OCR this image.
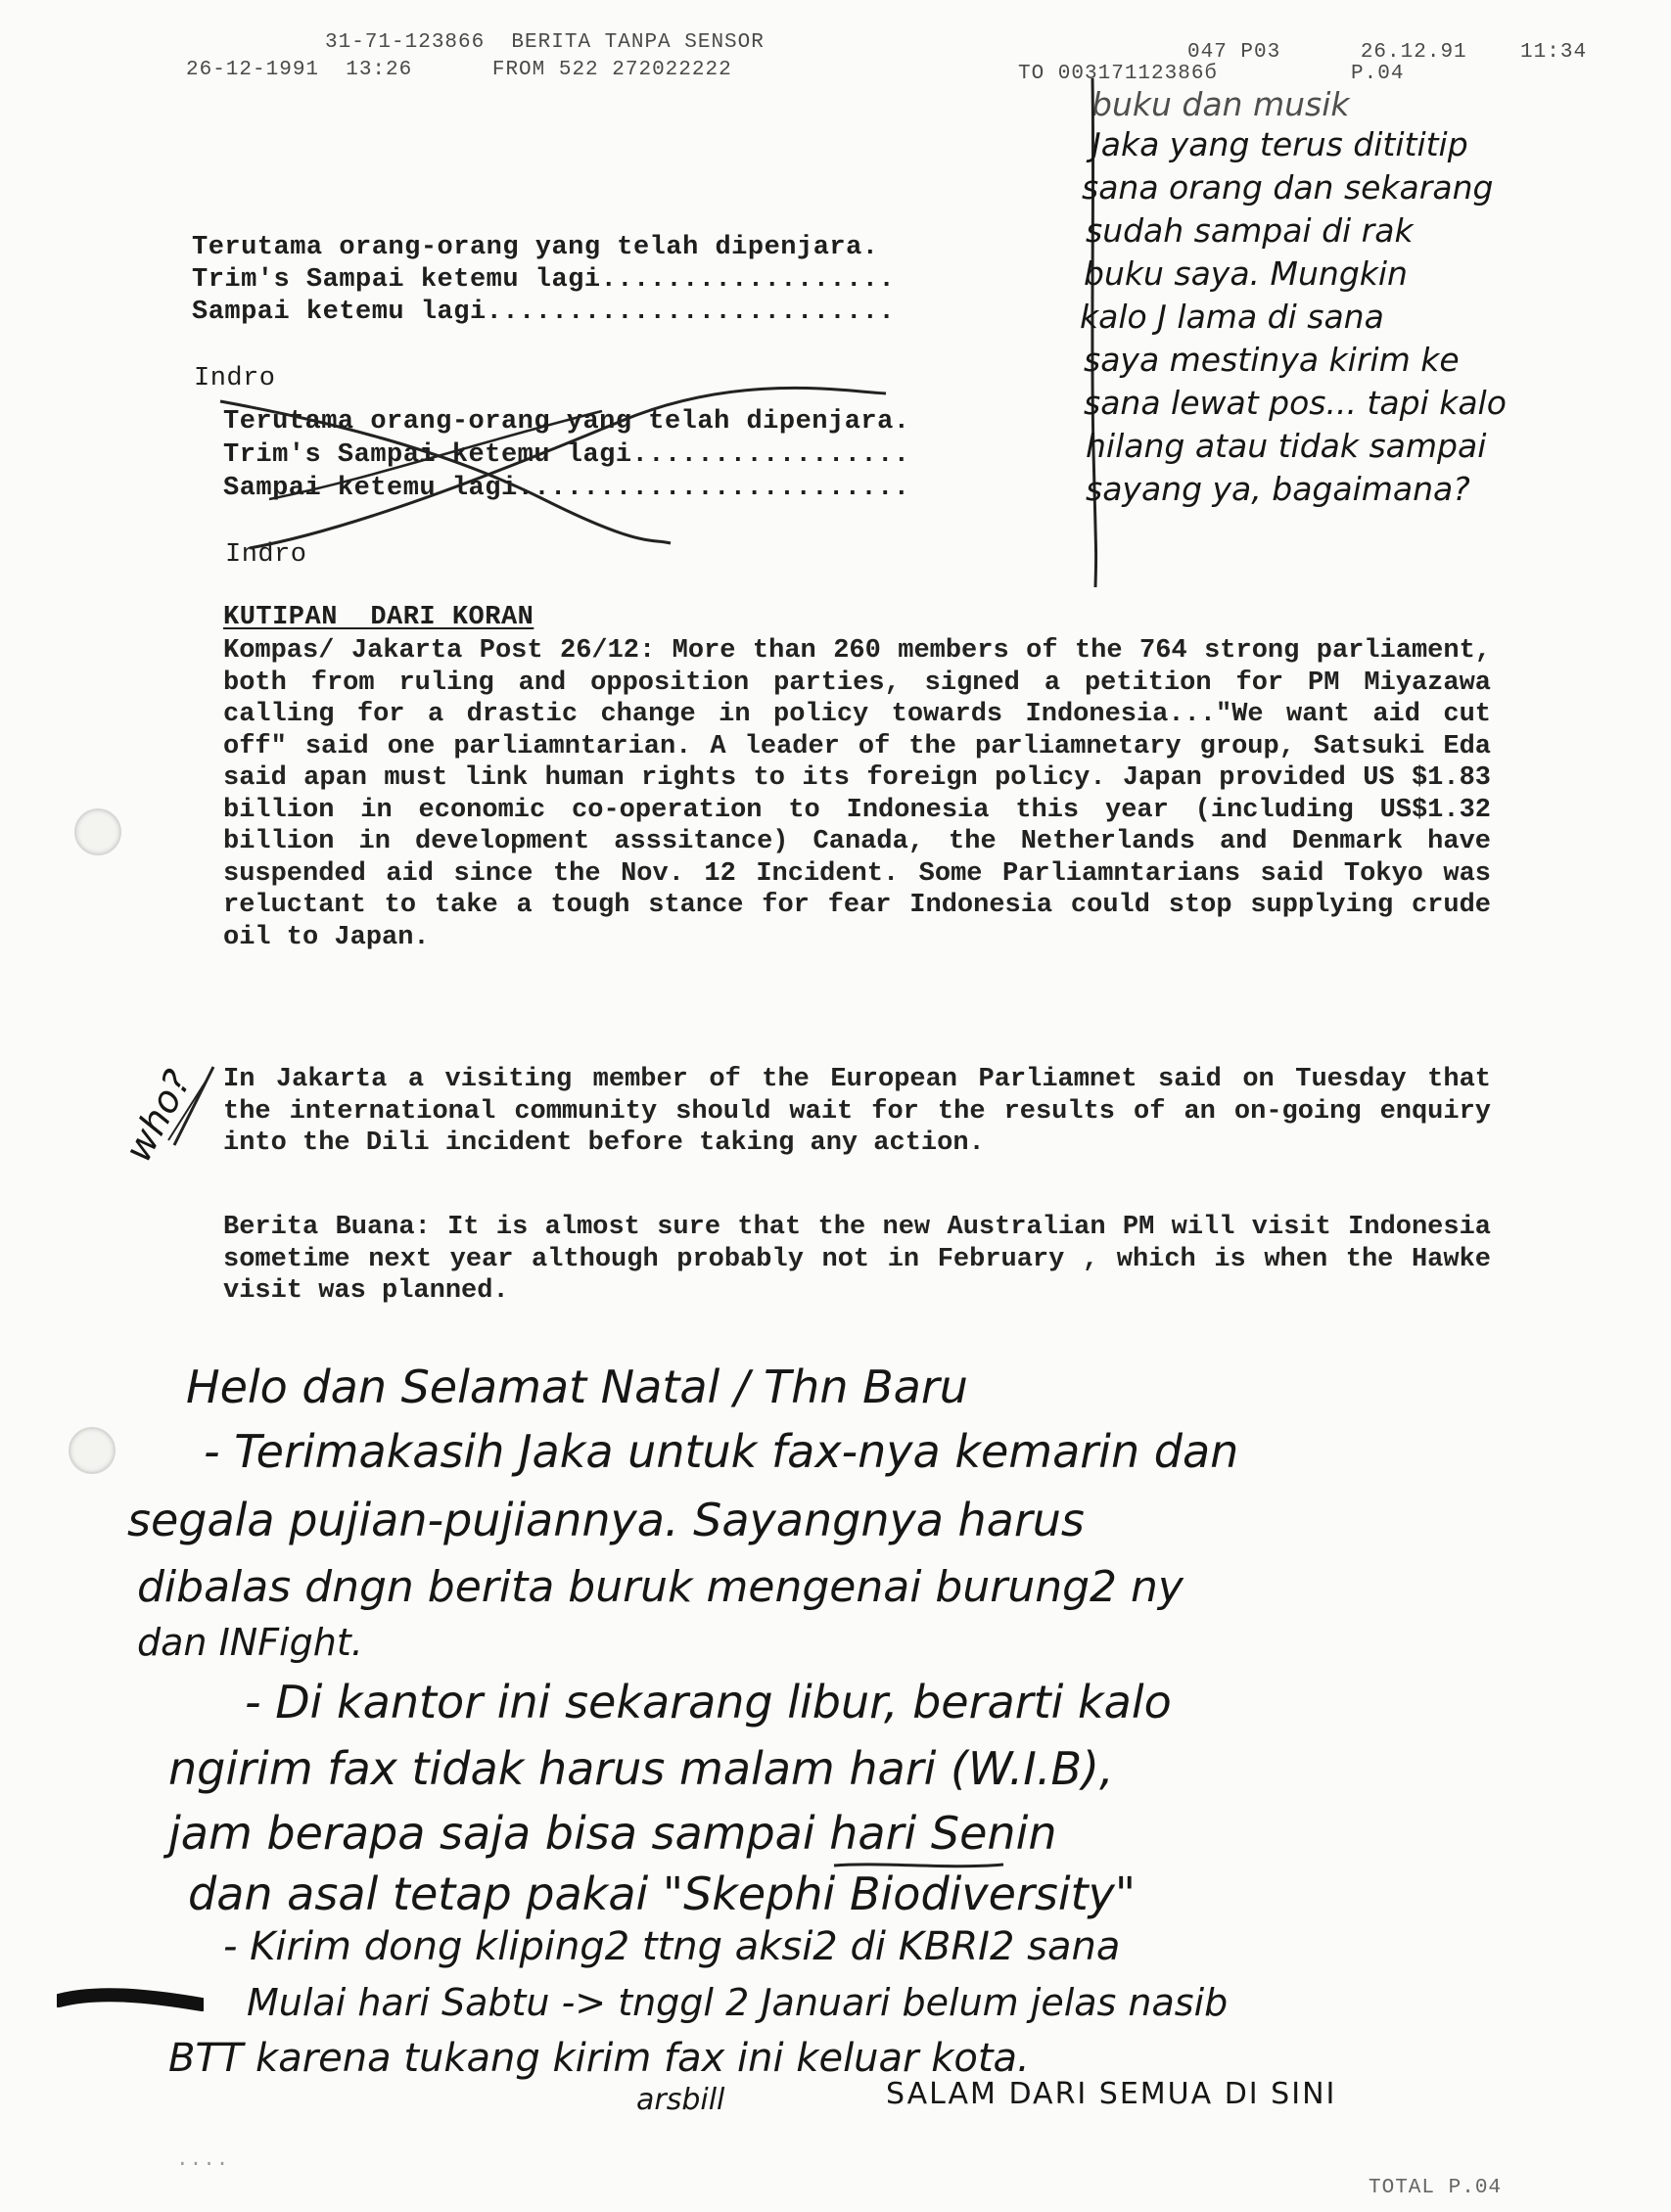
31-71-123866  BERITA TANPA SENSOR
26-12-1991  13:26      FROM 522 272022222
047 P03      26.12.91    11:34
TO 00317112386б          P.04
buku dan musik
Jaka yang terus ditititip
sana orang dan sekarang
sudah sampai di rak
buku saya. Mungkin
kalo J lama di sana
saya mestinya kirim ke
sana lewat pos... tapi kalo
hilang atau tidak sampai
sayang ya, bagaimana?
Terutama orang-orang yang telah dipenjara.
Trim's Sampai ketemu lagi..................
Sampai ketemu lagi.........................
Indro
Terutama orang-orang yang telah dipenjara.
Trim's Sampai ketemu lagi.................
Sampai ketemu lagi........................
Indro
KUTIPAN  DARI KORAN
Kompas/ Jakarta Post 26/12: More than 260 members of the 764 strong parliament, both from ruling and opposition parties, signed a petition for PM Miyazawa calling for a drastic change in policy towards Indonesia..."We want aid cut off" said one parliamntarian. A leader of the parliamnetary group, Satsuki Eda said apan must link human rights to its foreign policy. Japan provided US $1.83 billion in economic co-operation to Indonesia this year (including US$1.32 billion in development asssitance) Canada, the Netherlands and Denmark have suspended aid since the Nov. 12 Incident. Some Parliamntarians said Tokyo was reluctant to take a tough stance for fear Indonesia could stop supplying crude oil to Japan.
In Jakarta a visiting member of the European Parliamnet said on Tuesday that the international community should wait for the results of an on-going enquiry into the Dili incident before taking any action.
Berita Buana: It is almost sure that the new Australian PM will visit Indonesia sometime next year although probably not in February , which is when the Hawke visit was planned.
who?
Helo dan Selamat Natal / Thn Baru
- Terimakasih Jaka untuk fax-nya kemarin dan
segala pujian-pujiannya. Sayangnya harus
dibalas dngn berita buruk mengenai burung2 ny
dan INFight.
- Di kantor ini sekarang libur, berarti kalo
ngirim fax tidak harus malam hari (W.I.B),
jam berapa saja bisa sampai hari Senin
dan asal tetap pakai "Skephi Biodiversity"
- Kirim dong kliping2 ttng aksi2 di KBRI2 sana
Mulai hari Sabtu -> tnggl 2 Januari belum jelas nasib
BTT karena tukang kirim fax ini keluar kota.
arsbill	SALAM DARI SEMUA DI SINI
TOTAL P.04
....
